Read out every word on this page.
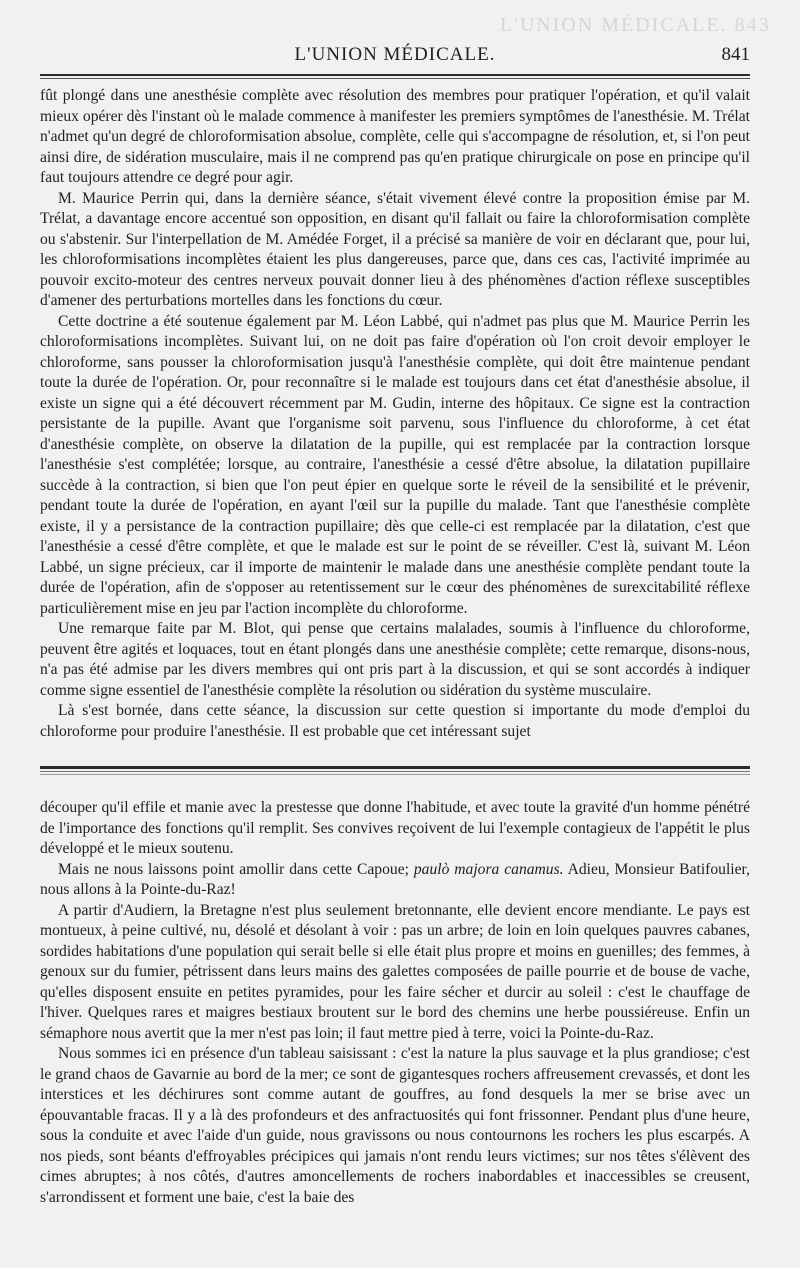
L'UNION MÉDICALE. 843
L'UNION MÉDICALE.	841

fût plongé dans une anesthésie complète avec résolution des membres pour pratiquer l'opération, et qu'il valait mieux opérer dès l'instant où le malade commence à manifester les premiers symptômes de l'anesthésie. M. Trélat n'admet qu'un degré de chloroformisation absolue, complète, celle qui s'accompagne de résolution, et, si l'on peut ainsi dire, de sidération musculaire, mais il ne comprend pas qu'en pratique chirurgicale on pose en principe qu'il faut toujours attendre ce degré pour agir.

M. Maurice Perrin qui, dans la dernière séance, s'était vivement élevé contre la proposition émise par M. Trélat, a davantage encore accentué son opposition, en disant qu'il fallait ou faire la chloroformisation complète ou s'abstenir. Sur l'interpellation de M. Amédée Forget, il a précisé sa manière de voir en déclarant que, pour lui, les chloroformisations incomplètes étaient les plus dangereuses, parce que, dans ces cas, l'activité imprimée au pouvoir excito-moteur des centres nerveux pouvait donner lieu à des phénomènes d'action réflexe susceptibles d'amener des perturbations mortelles dans les fonctions du cœur.

Cette doctrine a été soutenue également par M. Léon Labbé, qui n'admet pas plus que M. Maurice Perrin les chloroformisations incomplètes. Suivant lui, on ne doit pas faire d'opération où l'on croit devoir employer le chloroforme, sans pousser la chloroformisation jusqu'à l'anesthésie complète, qui doit être maintenue pendant toute la durée de l'opération. Or, pour reconnaître si le malade est toujours dans cet état d'anesthésie absolue, il existe un signe qui a été découvert récemment par M. Gudin, interne des hôpitaux. Ce signe est la contraction persistante de la pupille. Avant que l'organisme soit parvenu, sous l'influence du chloroforme, à cet état d'anesthésie complète, on observe la dilatation de la pupille, qui est remplacée par la contraction lorsque l'anesthésie s'est complétée; lorsque, au contraire, l'anesthésie a cessé d'être absolue, la dilatation pupillaire succède à la contraction, si bien que l'on peut épier en quelque sorte le réveil de la sensibilité et le prévenir, pendant toute la durée de l'opération, en ayant l'œil sur la pupille du malade. Tant que l'anesthésie complète existe, il y a persistance de la contraction pupillaire; dès que celle-ci est remplacée par la dilatation, c'est que l'anesthésie a cessé d'être complète, et que le malade est sur le point de se réveiller. C'est là, suivant M. Léon Labbé, un signe précieux, car il importe de maintenir le malade dans une anesthésie complète pendant toute la durée de l'opération, afin de s'opposer au retentissement sur le cœur des phénomènes de surexcitabilité réflexe particulièrement mise en jeu par l'action incomplète du chloroforme.

Une remarque faite par M. Blot, qui pense que certains malalades, soumis à l'influence du chloroforme, peuvent être agités et loquaces, tout en étant plongés dans une anesthésie complète; cette remarque, disons-nous, n'a pas été admise par les divers membres qui ont pris part à la discussion, et qui se sont accordés à indiquer comme signe essentiel de l'anesthésie complète la résolution ou sidération du système musculaire.

Là s'est bornée, dans cette séance, la discussion sur cette question si importante du mode d'emploi du chloroforme pour produire l'anesthésie. Il est probable que cet intéressant sujet

découper qu'il effile et manie avec la prestesse que donne l'habitude, et avec toute la gravité d'un homme pénétré de l'importance des fonctions qu'il remplit. Ses convives reçoivent de lui l'exemple contagieux de l'appétit le plus développé et le mieux soutenu.

Mais ne nous laissons point amollir dans cette Capoue; paulò majora canamus. Adieu, Monsieur Batifoulier, nous allons à la Pointe-du-Raz!

A partir d'Audiern, la Bretagne n'est plus seulement bretonnante, elle devient encore mendiante. Le pays est montueux, à peine cultivé, nu, désolé et désolant à voir : pas un arbre; de loin en loin quelques pauvres cabanes, sordides habitations d'une population qui serait belle si elle était plus propre et moins en guenilles; des femmes, à genoux sur du fumier, pétrissent dans leurs mains des galettes composées de paille pourrie et de bouse de vache, qu'elles disposent ensuite en petites pyramides, pour les faire sécher et durcir au soleil : c'est le chauffage de l'hiver. Quelques rares et maigres bestiaux broutent sur le bord des chemins une herbe poussiéreuse. Enfin un sémaphore nous avertit que la mer n'est pas loin; il faut mettre pied à terre, voici la Pointe-du-Raz.

Nous sommes ici en présence d'un tableau saisissant : c'est la nature la plus sauvage et la plus grandiose; c'est le grand chaos de Gavarnie au bord de la mer; ce sont de gigantesques rochers affreusement crevassés, et dont les interstices et les déchirures sont comme autant de gouffres, au fond desquels la mer se brise avec un épouvantable fracas. Il y a là des profondeurs et des anfractuosités qui font frissonner. Pendant plus d'une heure, sous la conduite et avec l'aide d'un guide, nous gravissons ou nous contournons les rochers les plus escarpés. A nos pieds, sont béants d'effroyables précipices qui jamais n'ont rendu leurs victimes; sur nos têtes s'élèvent des cimes abruptes; à nos côtés, d'autres amoncellements de rochers inabordables et inaccessibles se creusent, s'arrondissent et forment une baie, c'est la baie des
